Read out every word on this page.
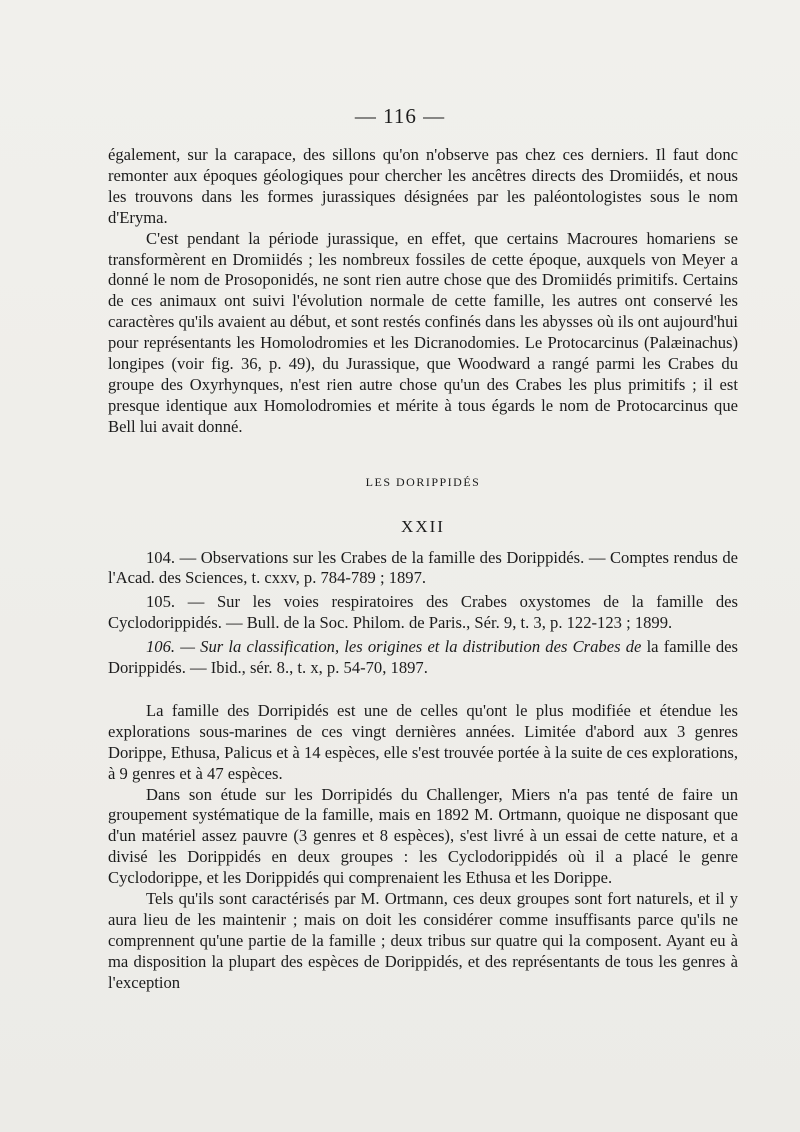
— 116 —

également, sur la carapace, des sillons qu'on n'observe pas chez ces derniers. Il faut donc remonter aux époques géologiques pour chercher les ancêtres directs des Dromiidés, et nous les trouvons dans les formes jurassiques désignées par les paléontologistes sous le nom d'Eryma.

C'est pendant la période jurassique, en effet, que certains Macroures homariens se transformèrent en Dromiidés ; les nombreux fossiles de cette époque, auxquels von Meyer a donné le nom de Prosoponidés, ne sont rien autre chose que des Dromiidés primitifs. Certains de ces animaux ont suivi l'évolution normale de cette famille, les autres ont conservé les caractères qu'ils avaient au début, et sont restés confinés dans les abysses où ils ont aujourd'hui pour représentants les Homolodromies et les Dicranodomies. Le Protocarcinus (Palæinachus) longipes (voir fig. 36, p. 49), du Jurassique, que Woodward a rangé parmi les Crabes du groupe des Oxyrhynques, n'est rien autre chose qu'un des Crabes les plus primitifs ; il est presque identique aux Homolodromies et mérite à tous égards le nom de Protocarcinus que Bell lui avait donné.

LES DORIPPIDÉS
XXII

104. — Observations sur les Crabes de la famille des Dorippidés. — Comptes rendus de l'Acad. des Sciences, t. cxxv, p. 784-789 ; 1897.

105. — Sur les voies respiratoires des Crabes oxystomes de la famille des Cyclodorippidés. — Bull. de la Soc. Philom. de Paris., Sér. 9, t. 3, p. 122-123 ; 1899.

106. — Sur la classification, les origines et la distribution des Crabes de la famille des Dorippidés. — Ibid., sér. 8., t. x, p. 54-70, 1897.

La famille des Dorripidés est une de celles qu'ont le plus modifiée et étendue les explorations sous-marines de ces vingt dernières années. Limitée d'abord aux 3 genres Dorippe, Ethusa, Palicus et à 14 espèces, elle s'est trouvée portée à la suite de ces explorations, à 9 genres et à 47 espèces.

Dans son étude sur les Dorripidés du Challenger, Miers n'a pas tenté de faire un groupement systématique de la famille, mais en 1892 M. Ortmann, quoique ne disposant que d'un matériel assez pauvre (3 genres et 8 espèces), s'est livré à un essai de cette nature, et a divisé les Dorippidés en deux groupes : les Cyclodorippidés où il a placé le genre Cyclodorippe, et les Dorippidés qui comprenaient les Ethusa et les Dorippe.

Tels qu'ils sont caractérisés par M. Ortmann, ces deux groupes sont fort naturels, et il y aura lieu de les maintenir ; mais on doit les considérer comme insuffisants parce qu'ils ne comprennent qu'une partie de la famille ; deux tribus sur quatre qui la composent. Ayant eu à ma disposition la plupart des espèces de Dorippidés, et des représentants de tous les genres à l'exception
